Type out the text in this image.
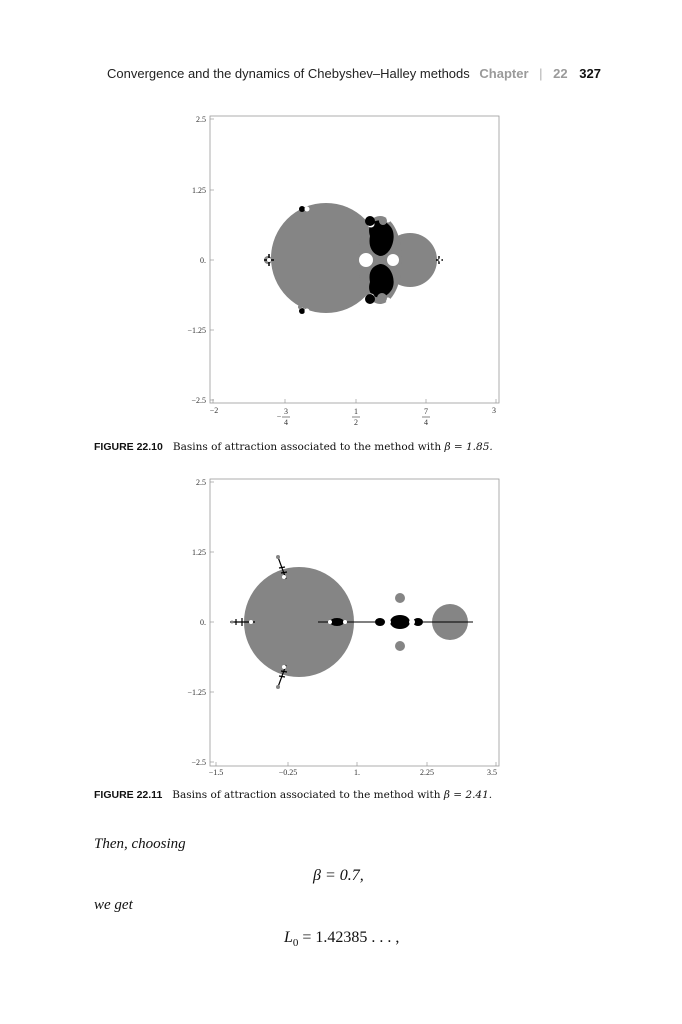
Convergence and the dynamics of Chebyshev–Halley methods Chapter | 22 327
2.5
1.25
0.
−1.25
−2.5
−2
−
3
4
1
2
7
4
3
FIGURE 22.10 Basins of attraction associated to the method with β = 1.85.
2.5
1.25
0.
−1.25
−2.5
−1.5	−0.25	1.	2.25	3.5
FIGURE 22.11 Basins of attraction associated to the method with β = 2.41.
Then, choosing
β = 0.7,
we get
$L_0 = 1.42385$ . . . ,
